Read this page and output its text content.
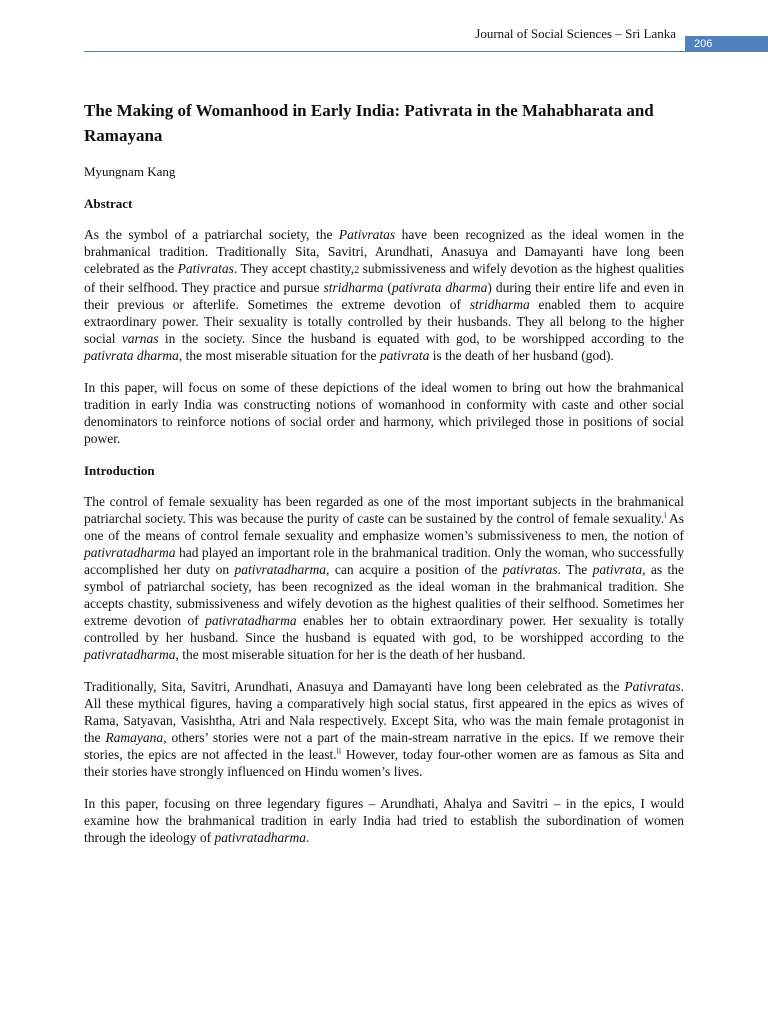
Journal of Social Sciences – Sri Lanka
206
The Making of Womanhood in Early India: Pativrata in the Mahabharata and Ramayana

Myungnam Kang

Abstract

As the symbol of a patriarchal society, the Pativratas have been recognized as the ideal women in the brahmanical tradition. Traditionally Sita, Savitri, Arundhati, Anasuya and Damayanti have long been celebrated as the Pativratas. They accept chastity,2 submissiveness and wifely devotion as the highest qualities of their selfhood. They practice and pursue stridharma (pativrata dharma) during their entire life and even in their previous or afterlife. Sometimes the extreme devotion of stridharma enabled them to acquire extraordinary power. Their sexuality is totally controlled by their husbands. They all belong to the higher social varnas in the society. Since the husband is equated with god, to be worshipped according to the pativrata dharma, the most miserable situation for the pativrata is the death of her husband (god).

In this paper, will focus on some of these depictions of the ideal women to bring out how the brahmanical tradition in early India was constructing notions of womanhood in conformity with caste and other social denominators to reinforce notions of social order and harmony, which privileged those in positions of social power.

Introduction

The control of female sexuality has been regarded as one of the most important subjects in the brahmanical patriarchal society. This was because the purity of caste can be sustained by the control of female sexuality.$^i$ As one of the means of control female sexuality and emphasize women’s submissiveness to men, the notion of pativratadharma had played an important role in the brahmanical tradition. Only the woman, who successfully accomplished her duty on pativratadharma, can acquire a position of the pativratas. The pativrata, as the symbol of patriarchal society, has been recognized as the ideal woman in the brahmanical tradition. She accepts chastity, submissiveness and wifely devotion as the highest qualities of their selfhood. Sometimes her extreme devotion of pativratadharma enables her to obtain extraordinary power. Her sexuality is totally controlled by her husband. Since the husband is equated with god, to be worshipped according to the pativratadharma, the most miserable situation for her is the death of her husband.

Traditionally, Sita, Savitri, Arundhati, Anasuya and Damayanti have long been celebrated as the Pativratas. All these mythical figures, having a comparatively high social status, first appeared in the epics as wives of Rama, Satyavan, Vasishtha, Atri and Nala respectively. Except Sita, who was the main female protagonist in the Ramayana, others’ stories were not a part of the main-stream narrative in the epics. If we remove their stories, the epics are not affected in the least.$^{ii}$ However, today four-other women are as famous as Sita and their stories have strongly influenced on Hindu women’s lives.

In this paper, focusing on three legendary figures – Arundhati, Ahalya and Savitri – in the epics, I would examine how the brahmanical tradition in early India had tried to establish the subordination of women through the ideology of pativratadharma.
